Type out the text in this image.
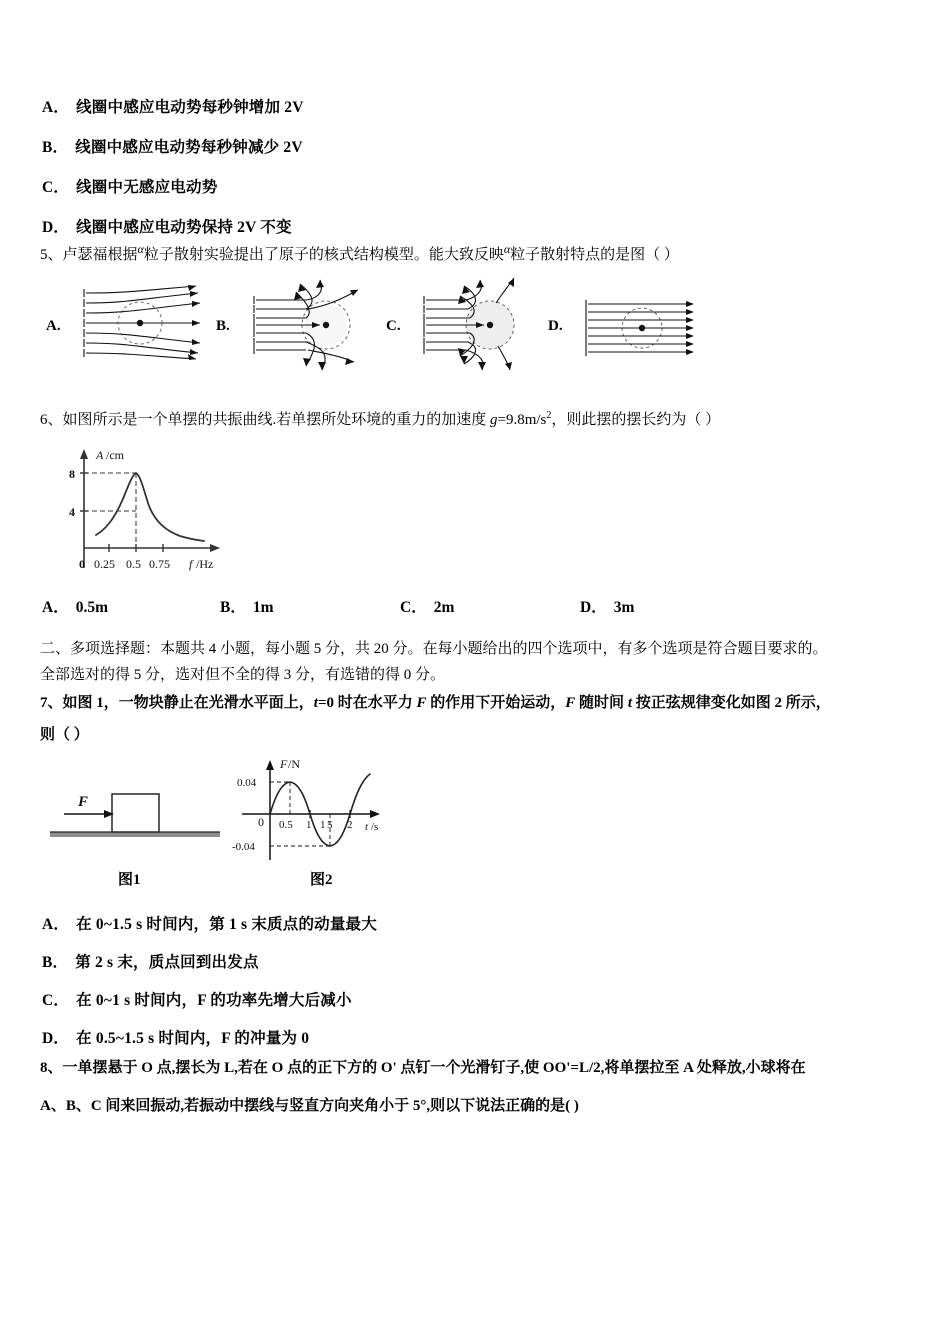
A． 线圈中感应电动势每秒钟增加 2V
B． 线圈中感应电动势每秒钟减少 2V
C． 线圈中无感应电动势
D． 线圈中感应电动势保持 2V 不变
5、卢瑟福根据$^\alpha$粒子散射实验提出了原子的核式结构模型。能大致反映$^\alpha$粒子散射特点的是图（ ）
A.	B.	C.	D.
6、如图所示是一个单摆的共振曲线.若单摆所处环境的重力的加速度 $g=9.8m/s^2$，则此摆的摆长约为（ ）
A /cm
8
4
0 0.25 0.5 0.75 f /Hz
A． 0.5m	B． 1m	C． 2m	D． 3m
二、多项选择题：本题共 4 小题，每小题 5 分，共 20 分。在每小题给出的四个选项中，有多个选项是符合题目要求的。
全部选对的得 5 分，选对但不全的得 3 分，有选错的得 0 分。
7、如图 1，一物块静止在光滑水平面上，t=0 时在水平力 F 的作用下开始运动，F 随时间 t 按正弦规律变化如图 2 所示，
则（ ）
F
图1
F /N
0.04
-0.04
0 0.5 1 1 5 2 t /s
图2
A． 在 0~1.5 s 时间内，第 1 s 末质点的动量最大
B． 第 2 s 末，质点回到出发点
C． 在 0~1 s 时间内，F 的功率先增大后减小
D． 在 0.5~1.5 s 时间内，F 的冲量为 0
8、一单摆悬于 O 点,摆长为 L,若在 O 点的正下方的 O' 点钉一个光滑钉子,使 OO'=L/2,将单摆拉至 A 处释放,小球将在
A、B、C 间来回振动,若振动中摆线与竖直方向夹角小于 5°,则以下说法正确的是( )
